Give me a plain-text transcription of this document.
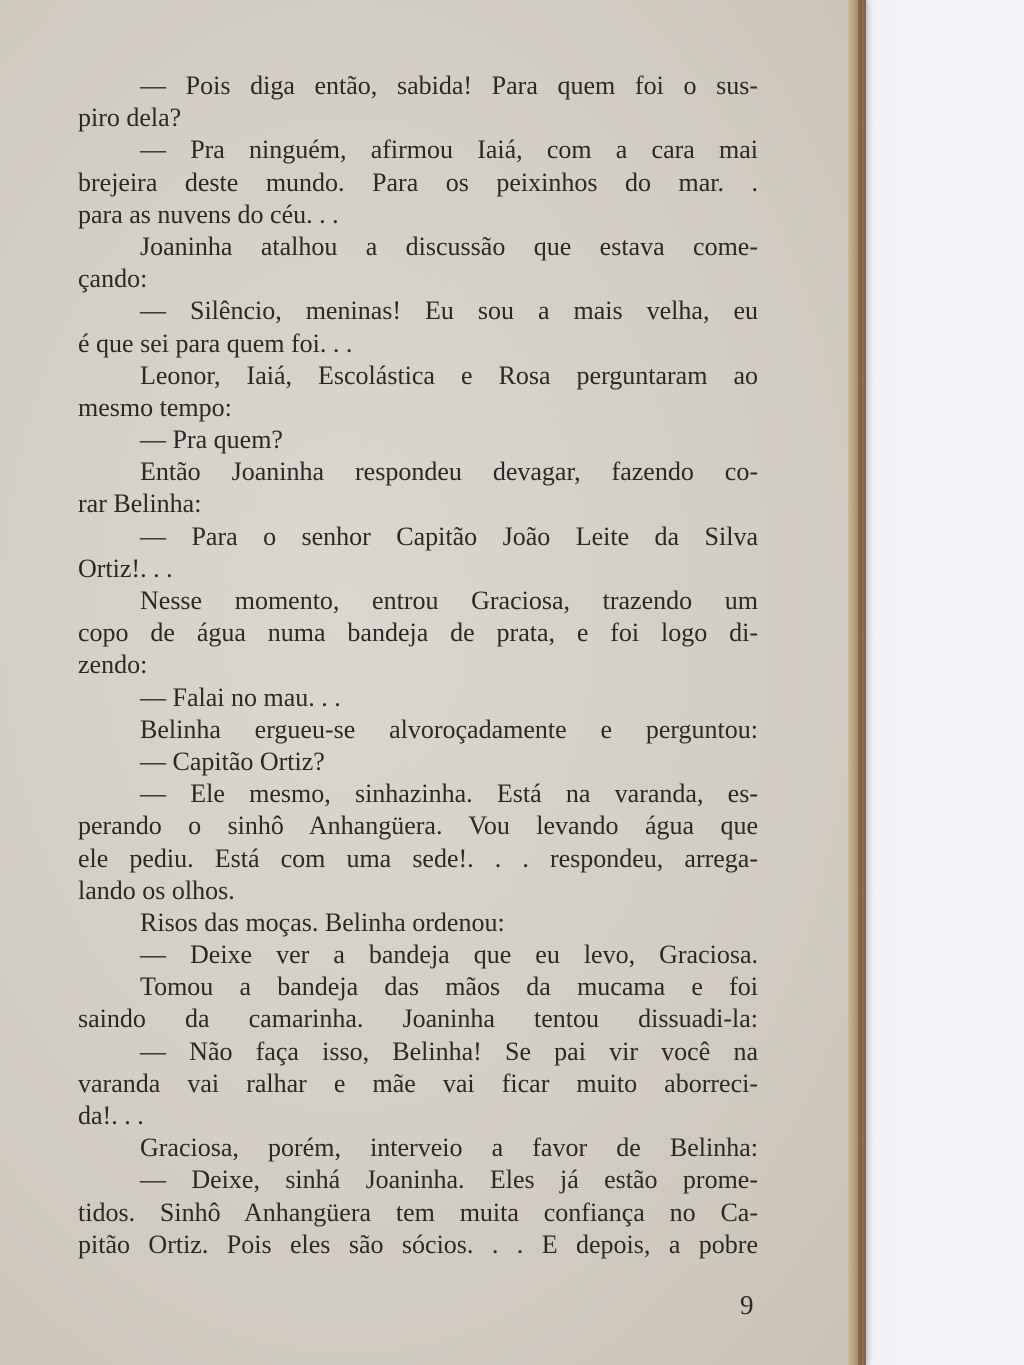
— Pois diga então, sabida! Para quem foi o sus-
piro dela?
— Pra ninguém, afirmou Iaiá, com a cara mai
brejeira deste mundo. Para os peixinhos do mar. .
para as nuvens do céu. . .
Joaninha atalhou a discussão que estava come-
çando:
— Silêncio, meninas! Eu sou a mais velha, eu
é que sei para quem foi. . .
Leonor, Iaiá, Escolástica e Rosa perguntaram ao
mesmo tempo:
— Pra quem?
Então Joaninha respondeu devagar, fazendo co-
rar Belinha:
— Para o senhor Capitão João Leite da Silva
Ortiz!. . .
Nesse momento, entrou Graciosa, trazendo um
copo de água numa bandeja de prata, e foi logo di-
zendo:
— Falai no mau. . .
Belinha ergueu-se alvoroçadamente e perguntou:
— Capitão Ortiz?
— Ele mesmo, sinhazinha. Está na varanda, es-
perando o sinhô Anhangüera. Vou levando água que
ele pediu. Está com uma sede!. . . respondeu, arrega-
lando os olhos.
Risos das moças. Belinha ordenou:
— Deixe ver a bandeja que eu levo, Graciosa.
Tomou a bandeja das mãos da mucama e foi
saindo da camarinha. Joaninha tentou dissuadi-la:
— Não faça isso, Belinha! Se pai vir você na
varanda vai ralhar e mãe vai ficar muito aborreci-
da!. . .
Graciosa, porém, interveio a favor de Belinha:
— Deixe, sinhá Joaninha. Eles já estão prome-
tidos. Sinhô Anhangüera tem muita confiança no Ca-
pitão Ortiz. Pois eles são sócios. . . E depois, a pobre
9
